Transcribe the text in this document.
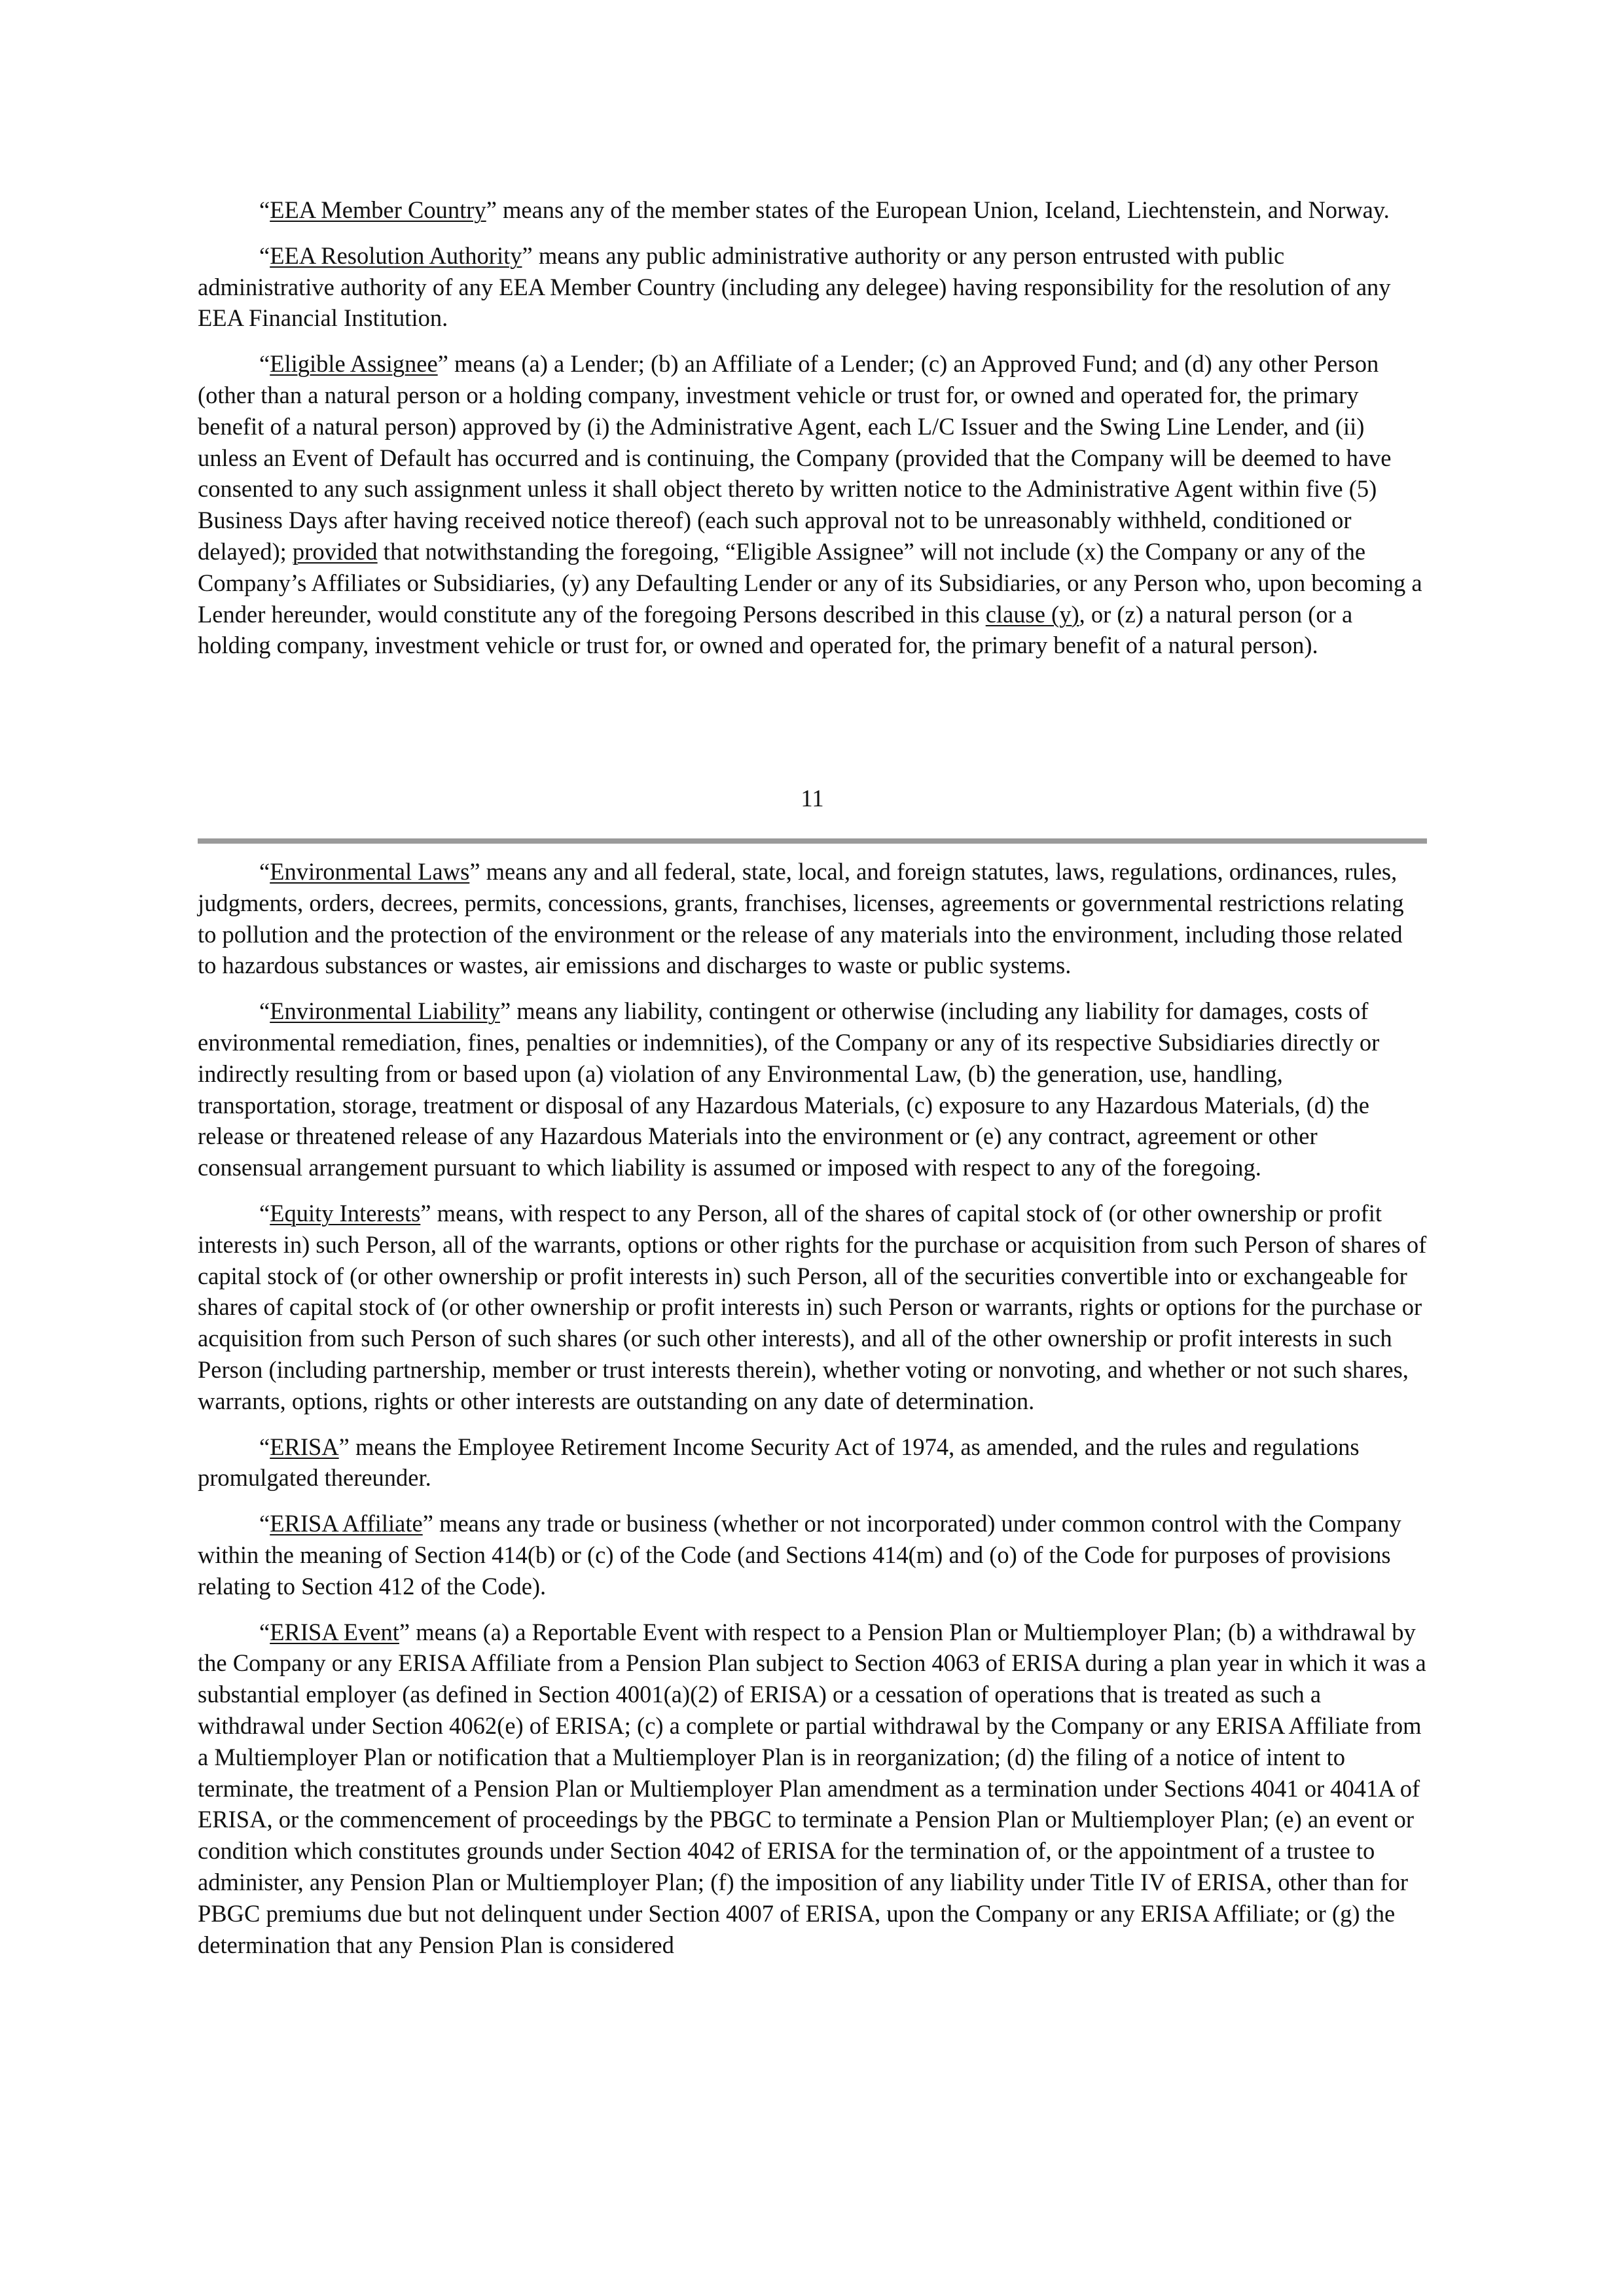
“EEA Member Country” means any of the member states of the European Union, Iceland, Liechtenstein, and Norway.

“EEA Resolution Authority” means any public administrative authority or any person entrusted with public administrative authority of any EEA Member Country (including any delegee) having responsibility for the resolution of any EEA Financial Institution.

“Eligible Assignee” means (a) a Lender; (b) an Affiliate of a Lender; (c) an Approved Fund; and (d) any other Person (other than a natural person or a holding company, investment vehicle or trust for, or owned and operated for, the primary benefit of a natural person) approved by (i) the Administrative Agent, each L/C Issuer and the Swing Line Lender, and (ii) unless an Event of Default has occurred and is continuing, the Company (provided that the Company will be deemed to have consented to any such assignment unless it shall object thereto by written notice to the Administrative Agent within five (5) Business Days after having received notice thereof) (each such approval not to be unreasonably withheld, conditioned or delayed); provided that notwithstanding the foregoing, “Eligible Assignee” will not include (x) the Company or any of the Company’s Affiliates or Subsidiaries, (y) any Defaulting Lender or any of its Subsidiaries, or any Person who, upon becoming a Lender hereunder, would constitute any of the foregoing Persons described in this clause (y), or (z) a natural person (or a holding company, investment vehicle or trust for, or owned and operated for, the primary benefit of a natural person).

11

“Environmental Laws” means any and all federal, state, local, and foreign statutes, laws, regulations, ordinances, rules, judgments, orders, decrees, permits, concessions, grants, franchises, licenses, agreements or governmental restrictions relating to pollution and the protection of the environment or the release of any materials into the environment, including those related to hazardous substances or wastes, air emissions and discharges to waste or public systems.

“Environmental Liability” means any liability, contingent or otherwise (including any liability for damages, costs of environmental remediation, fines, penalties or indemnities), of the Company or any of its respective Subsidiaries directly or indirectly resulting from or based upon (a) violation of any Environmental Law, (b) the generation, use, handling, transportation, storage, treatment or disposal of any Hazardous Materials, (c) exposure to any Hazardous Materials, (d) the release or threatened release of any Hazardous Materials into the environment or (e) any contract, agreement or other consensual arrangement pursuant to which liability is assumed or imposed with respect to any of the foregoing.

“Equity Interests” means, with respect to any Person, all of the shares of capital stock of (or other ownership or profit interests in) such Person, all of the warrants, options or other rights for the purchase or acquisition from such Person of shares of capital stock of (or other ownership or profit interests in) such Person, all of the securities convertible into or exchangeable for shares of capital stock of (or other ownership or profit interests in) such Person or warrants, rights or options for the purchase or acquisition from such Person of such shares (or such other interests), and all of the other ownership or profit interests in such Person (including partnership, member or trust interests therein), whether voting or nonvoting, and whether or not such shares, warrants, options, rights or other interests are outstanding on any date of determination.

“ERISA” means the Employee Retirement Income Security Act of 1974, as amended, and the rules and regulations promulgated thereunder.

“ERISA Affiliate” means any trade or business (whether or not incorporated) under common control with the Company within the meaning of Section 414(b) or (c) of the Code (and Sections 414(m) and (o) of the Code for purposes of provisions relating to Section 412 of the Code).

“ERISA Event” means (a) a Reportable Event with respect to a Pension Plan or Multiemployer Plan; (b) a withdrawal by the Company or any ERISA Affiliate from a Pension Plan subject to Section 4063 of ERISA during a plan year in which it was a substantial employer (as defined in Section 4001(a)(2) of ERISA) or a cessation of operations that is treated as such a withdrawal under Section 4062(e) of ERISA; (c) a complete or partial withdrawal by the Company or any ERISA Affiliate from a Multiemployer Plan or notification that a Multiemployer Plan is in reorganization; (d) the filing of a notice of intent to terminate, the treatment of a Pension Plan or Multiemployer Plan amendment as a termination under Sections 4041 or 4041A of ERISA, or the commencement of proceedings by the PBGC to terminate a Pension Plan or Multiemployer Plan; (e) an event or condition which constitutes grounds under Section 4042 of ERISA for the termination of, or the appointment of a trustee to administer, any Pension Plan or Multiemployer Plan; (f) the imposition of any liability under Title IV of ERISA, other than for PBGC premiums due but not delinquent under Section 4007 of ERISA, upon the Company or any ERISA Affiliate; or (g) the determination that any Pension Plan is considered
